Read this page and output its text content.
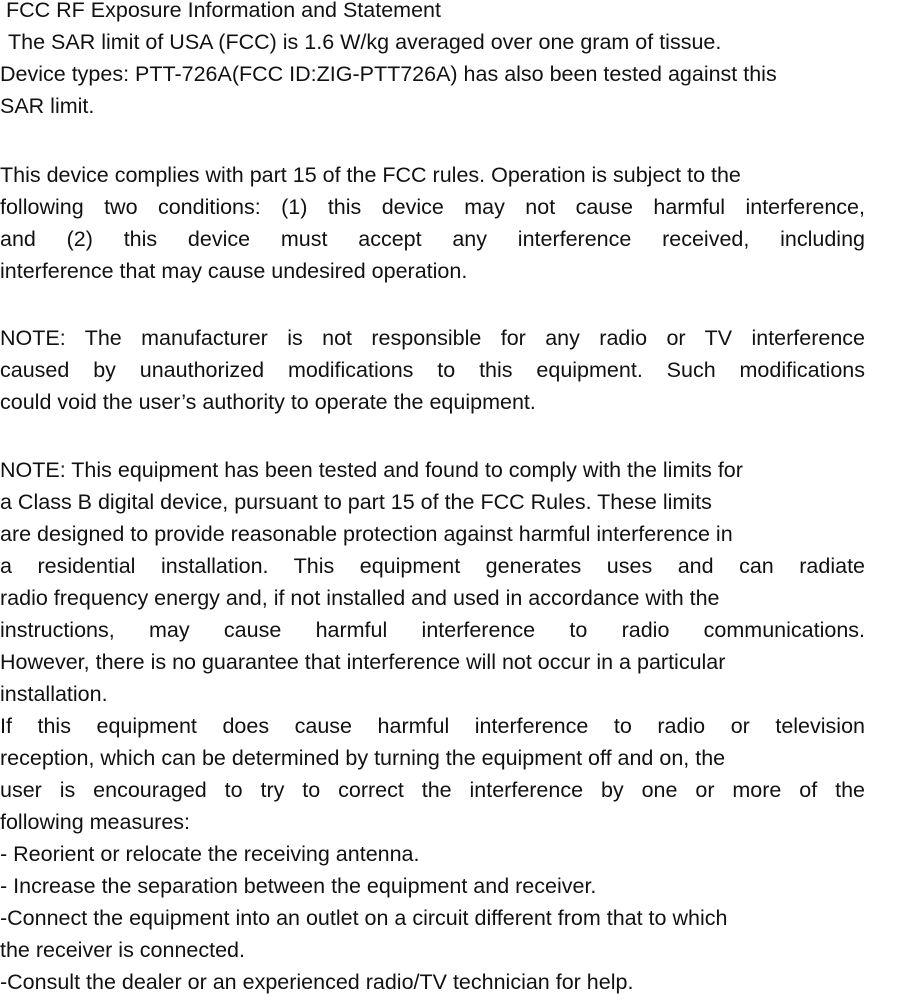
FCC RF Exposure Information and Statement
The SAR limit of USA (FCC) is 1.6 W/kg averaged over one gram of tissue.
Device types: PTT-726A(FCC ID:ZIG-PTT726A) has also been tested against this
SAR limit.
This device complies with part 15 of the FCC rules. Operation is subject to the
following two conditions: (1) this device may not cause harmful interference,
and (2) this device must accept any interference received, including
interference that may cause undesired operation.
NOTE: The manufacturer is not responsible for any radio or TV interference
caused by unauthorized modifications to this equipment. Such modifications
could void the user’s authority to operate the equipment.
NOTE: This equipment has been tested and found to comply with the limits for
a Class B digital device, pursuant to part 15 of the FCC Rules. These limits
are designed to provide reasonable protection against harmful interference in
a residential installation. This equipment generates uses and can radiate
radio frequency energy and, if not installed and used in accordance with the
instructions, may cause harmful interference to radio communications.
However, there is no guarantee that interference will not occur in a particular
installation.
If this equipment does cause harmful interference to radio or television
reception, which can be determined by turning the equipment off and on, the
user is encouraged to try to correct the interference by one or more of the
following measures:
- Reorient or relocate the receiving antenna.
- Increase the separation between the equipment and receiver.
-Connect the equipment into an outlet on a circuit different from that to which
the receiver is connected.
-Consult the dealer or an experienced radio/TV technician for help.
